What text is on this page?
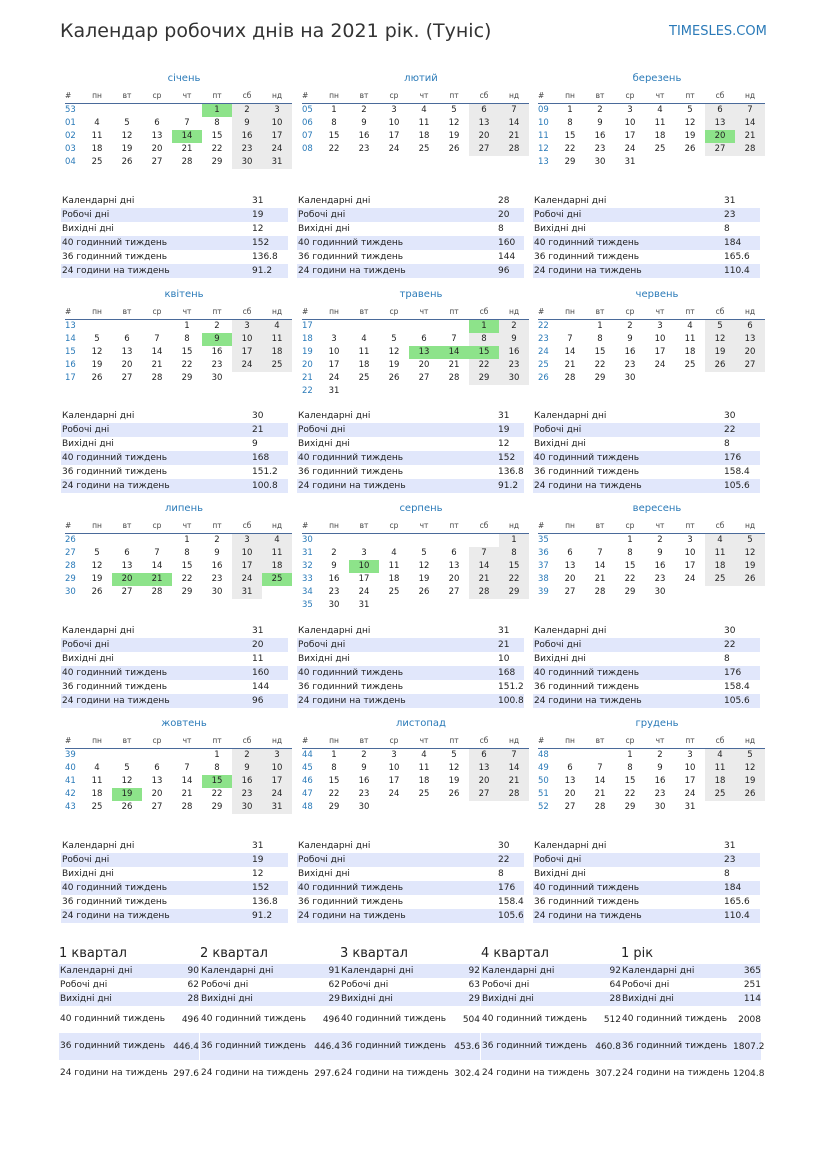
Календар робочих днів на 2021 рік. (Туніс)	TIMESLES.COM
січень
#	пн	вт	ср	чт	пт	сб	нд
53					1	2	3
01	4	5	6	7	8	9	10
02	11	12	13	14	15	16	17
03	18	19	20	21	22	23	24
04	25	26	27	28	29	30	31
Календарні дні	31
Робочі дні	19
Вихідні дні	12
40 годинний тиждень	152
36 годинний тиждень	136.8
24 години на тиждень	91.2
лютий
#	пн	вт	ср	чт	пт	сб	нд
05	1	2	3	4	5	6	7
06	8	9	10	11	12	13	14
07	15	16	17	18	19	20	21
08	22	23	24	25	26	27	28
Календарні дні	28
Робочі дні	20
Вихідні дні	8
40 годинний тиждень	160
36 годинний тиждень	144
24 години на тиждень	96
березень
#	пн	вт	ср	чт	пт	сб	нд
09	1	2	3	4	5	6	7
10	8	9	10	11	12	13	14
11	15	16	17	18	19	20	21
12	22	23	24	25	26	27	28
13	29	30	31				
Календарні дні	31
Робочі дні	23
Вихідні дні	8
40 годинний тиждень	184
36 годинний тиждень	165.6
24 години на тиждень	110.4
квітень
#	пн	вт	ср	чт	пт	сб	нд
13				1	2	3	4
14	5	6	7	8	9	10	11
15	12	13	14	15	16	17	18
16	19	20	21	22	23	24	25
17	26	27	28	29	30		
Календарні дні	30
Робочі дні	21
Вихідні дні	9
40 годинний тиждень	168
36 годинний тиждень	151.2
24 години на тиждень	100.8
травень
#	пн	вт	ср	чт	пт	сб	нд
17						1	2
18	3	4	5	6	7	8	9
19	10	11	12	13	14	15	16
20	17	18	19	20	21	22	23
21	24	25	26	27	28	29	30
22	31						
Календарні дні	31
Робочі дні	19
Вихідні дні	12
40 годинний тиждень	152
36 годинний тиждень	136.8
24 години на тиждень	91.2
червень
#	пн	вт	ср	чт	пт	сб	нд
22		1	2	3	4	5	6
23	7	8	9	10	11	12	13
24	14	15	16	17	18	19	20
25	21	22	23	24	25	26	27
26	28	29	30				
Календарні дні	30
Робочі дні	22
Вихідні дні	8
40 годинний тиждень	176
36 годинний тиждень	158.4
24 години на тиждень	105.6
липень
#	пн	вт	ср	чт	пт	сб	нд
26				1	2	3	4
27	5	6	7	8	9	10	11
28	12	13	14	15	16	17	18
29	19	20	21	22	23	24	25
30	26	27	28	29	30	31	
Календарні дні	31
Робочі дні	20
Вихідні дні	11
40 годинний тиждень	160
36 годинний тиждень	144
24 години на тиждень	96
серпень
#	пн	вт	ср	чт	пт	сб	нд
30							1
31	2	3	4	5	6	7	8
32	9	10	11	12	13	14	15
33	16	17	18	19	20	21	22
34	23	24	25	26	27	28	29
35	30	31					
Календарні дні	31
Робочі дні	21
Вихідні дні	10
40 годинний тиждень	168
36 годинний тиждень	151.2
24 години на тиждень	100.8
вересень
#	пн	вт	ср	чт	пт	сб	нд
35			1	2	3	4	5
36	6	7	8	9	10	11	12
37	13	14	15	16	17	18	19
38	20	21	22	23	24	25	26
39	27	28	29	30			
Календарні дні	30
Робочі дні	22
Вихідні дні	8
40 годинний тиждень	176
36 годинний тиждень	158.4
24 години на тиждень	105.6
жовтень
#	пн	вт	ср	чт	пт	сб	нд
39					1	2	3
40	4	5	6	7	8	9	10
41	11	12	13	14	15	16	17
42	18	19	20	21	22	23	24
43	25	26	27	28	29	30	31
Календарні дні	31
Робочі дні	19
Вихідні дні	12
40 годинний тиждень	152
36 годинний тиждень	136.8
24 години на тиждень	91.2
листопад
#	пн	вт	ср	чт	пт	сб	нд
44	1	2	3	4	5	6	7
45	8	9	10	11	12	13	14
46	15	16	17	18	19	20	21
47	22	23	24	25	26	27	28
48	29	30					
Календарні дні	30
Робочі дні	22
Вихідні дні	8
40 годинний тиждень	176
36 годинний тиждень	158.4
24 години на тиждень	105.6
грудень
#	пн	вт	ср	чт	пт	сб	нд
48			1	2	3	4	5
49	6	7	8	9	10	11	12
50	13	14	15	16	17	18	19
51	20	21	22	23	24	25	26
52	27	28	29	30	31		
Календарні дні	31
Робочі дні	23
Вихідні дні	8
40 годинний тиждень	184
36 годинний тиждень	165.6
24 години на тиждень	110.4
1 квартал
Календарні дні	90
Робочі дні	62
Вихідні дні	28
40 годинний тиждень	496
36 годинний тиждень	446.4
24 години на тиждень	297.6
2 квартал
Календарні дні	91
Робочі дні	62
Вихідні дні	29
40 годинний тиждень	496
36 годинний тиждень	446.4
24 години на тиждень	297.6
3 квартал
Календарні дні	92
Робочі дні	63
Вихідні дні	29
40 годинний тиждень	504
36 годинний тиждень	453.6
24 години на тиждень	302.4
4 квартал
Календарні дні	92
Робочі дні	64
Вихідні дні	28
40 годинний тиждень	512
36 годинний тиждень	460.8
24 години на тиждень	307.2
1 рік
Календарні дні	365
Робочі дні	251
Вихідні дні	114
40 годинний тиждень	2008
36 годинний тиждень	1807.2
24 години на тиждень	1204.8
